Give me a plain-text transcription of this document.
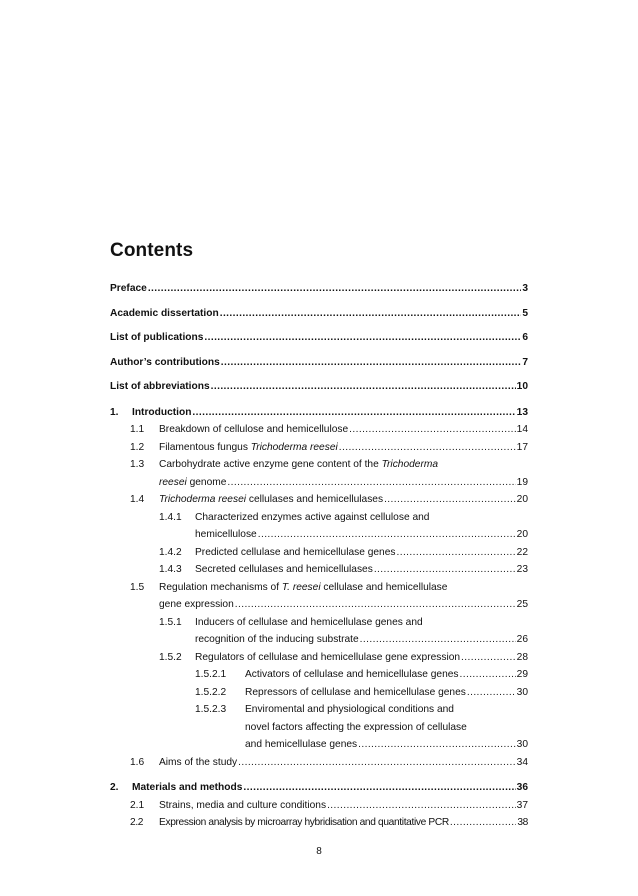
Contents
Preface .....	3
Academic dissertation .....	5
List of publications .....	6
Author’s contributions .....	7
List of abbreviations .....	10
1.	Introduction .....	13
1.1	Breakdown of cellulose and hemicellulose .....	14
1.2	Filamentous fungus Trichoderma reesei .....	17
1.3 Carbohydrate active enzyme gene content of the Trichoderma
reesei genome .....	19
1.4	Trichoderma reesei cellulases and hemicellulases .....	20
1.4.1 Characterized enzymes active against cellulose and
hemicellulose .....	20
1.4.2	Predicted cellulase and hemicellulase genes .....	22
1.4.3	Secreted cellulases and hemicellulases .....	23
1.5 Regulation mechanisms of T. reesei cellulase and hemicellulase
gene expression .....	25
1.5.1 Inducers of cellulase and hemicellulase genes and
recognition of the inducing substrate .....	26
1.5.2	Regulators of cellulase and hemicellulase gene expression .....	28
1.5.2.1	Activators of cellulase and hemicellulase genes .....	29
1.5.2.2	Repressors of cellulase and hemicellulase genes .....	30
1.5.2.3 Enviromental and physiological conditions and
novel factors affecting the expression of cellulase
and hemicellulase genes .....	30
1.6	Aims of the study .....	34
2.	Materials and methods .....	36
2.1	Strains, media and culture conditions .....	37
2.2	Expression analysis by microarray hybridisation and quantitative PCR .....	38
8
